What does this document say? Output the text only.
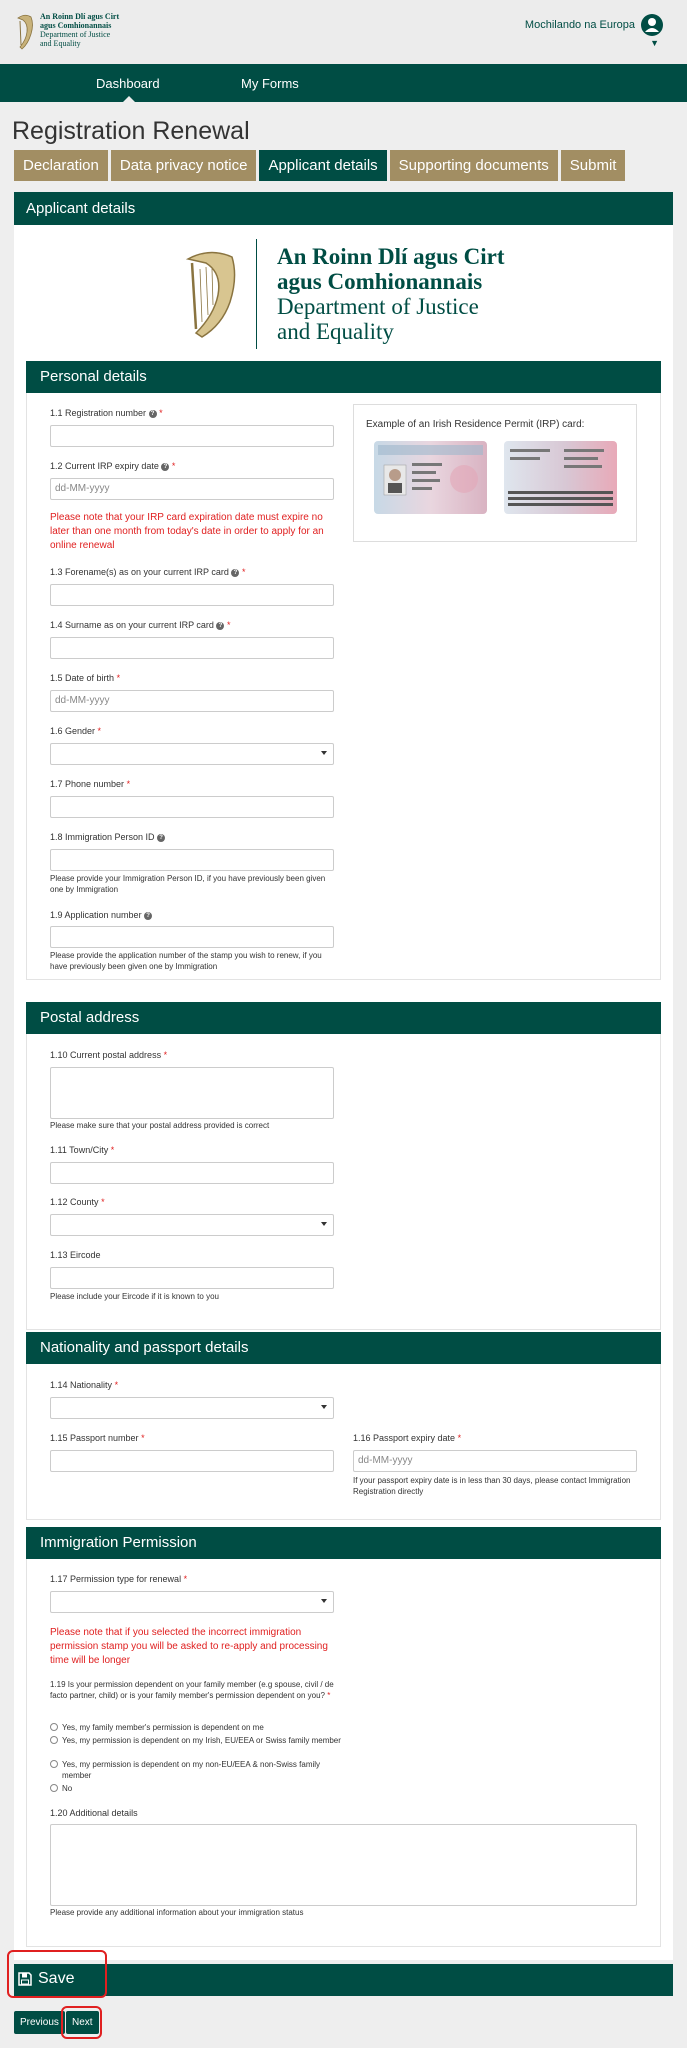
An Roinn Dlí agus Cirt
agus Comhionannais
Department of Justice
and Equality
Mochilando na Europa
▼
Dashboard	My Forms
Registration Renewal
Declaration	Data privacy notice	Applicant details	Supporting documents	Submit
Applicant details
An Roinn Dlí agus Cirt
agus Comhionannais
Department of Justice
and Equality
Personal details
1.1 Registration number ? *
1.2 Current IRP expiry date ? *
dd-MM-yyyy
Please note that your IRP card expiration date must expire no later than one month from today's date in order to apply for an online renewal
1.3 Forename(s) as on your current IRP card ? *
1.4 Surname as on your current IRP card ? *
1.5 Date of birth *
dd-MM-yyyy
1.6 Gender *
1.7 Phone number *
1.8 Immigration Person ID ?
Please provide your Immigration Person ID, if you have previously been given one by Immigration
1.9 Application number ?
Please provide the application number of the stamp you wish to renew, if you have previously been given one by Immigration
Example of an Irish Residence Permit (IRP) card:
Postal address
1.10 Current postal address *
Please make sure that your postal address provided is correct
1.11 Town/City *
1.12 County *
1.13 Eircode
Please include your Eircode if it is known to you
Nationality and passport details
1.14 Nationality *
1.15 Passport number *	1.16 Passport expiry date *
dd-MM-yyyy
If your passport expiry date is in less than 30 days, please contact Immigration Registration directly
Immigration Permission
1.17 Permission type for renewal *
Please note that if you selected the incorrect immigration permission stamp you will be asked to re-apply and processing time will be longer
1.19 Is your permission dependent on your family member (e.g spouse, civil / de facto partner, child) or is your family member's permission dependent on you? *
Yes, my family member's permission is dependent on me
Yes, my permission is dependent on my Irish, EU/EEA or Swiss family member
Yes, my permission is dependent on my non-EU/EEA & non-Swiss family member
No
1.20 Additional details
Please provide any additional information about your immigration status
Save
Previous	Next
